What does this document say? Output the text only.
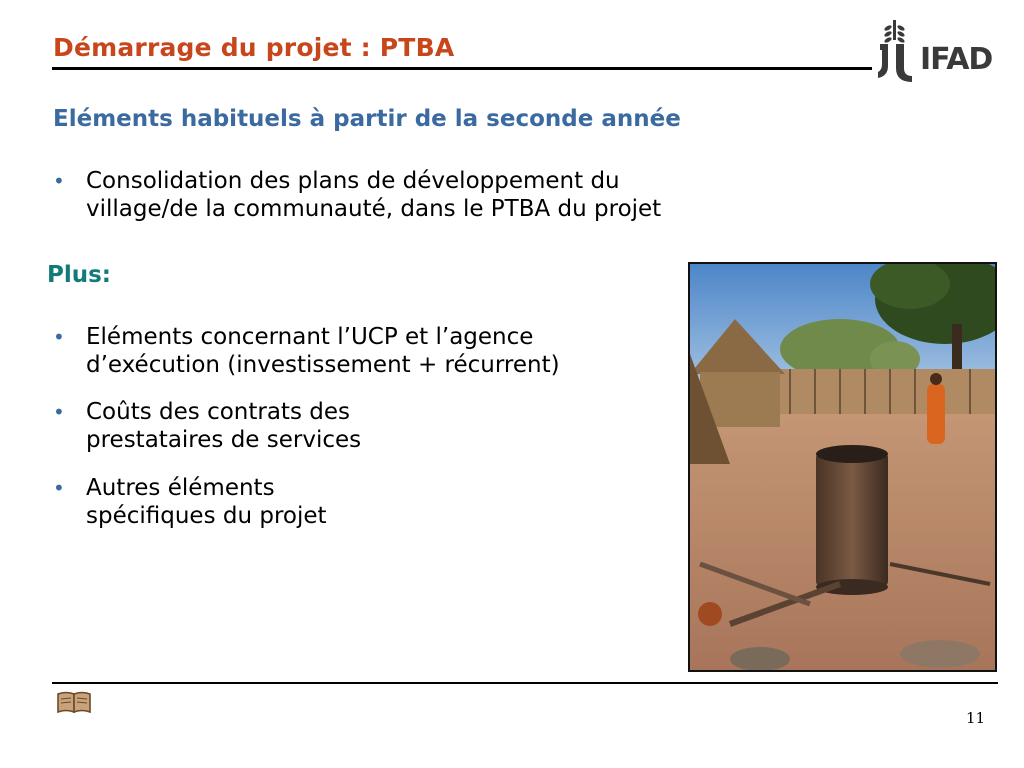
Démarrage du projet : PTBA	IFAD
Eléments habituels à partir de la seconde année
• Consolidation des plans de développement du
village/de la communauté, dans le PTBA du projet
Plus:
• Eléments concernant l’UCP et l’agence
d’exécution (investissement + récurrent)
• Coûts des contrats des
prestataires de services
• Autres éléments
spécifiques du projet
11
